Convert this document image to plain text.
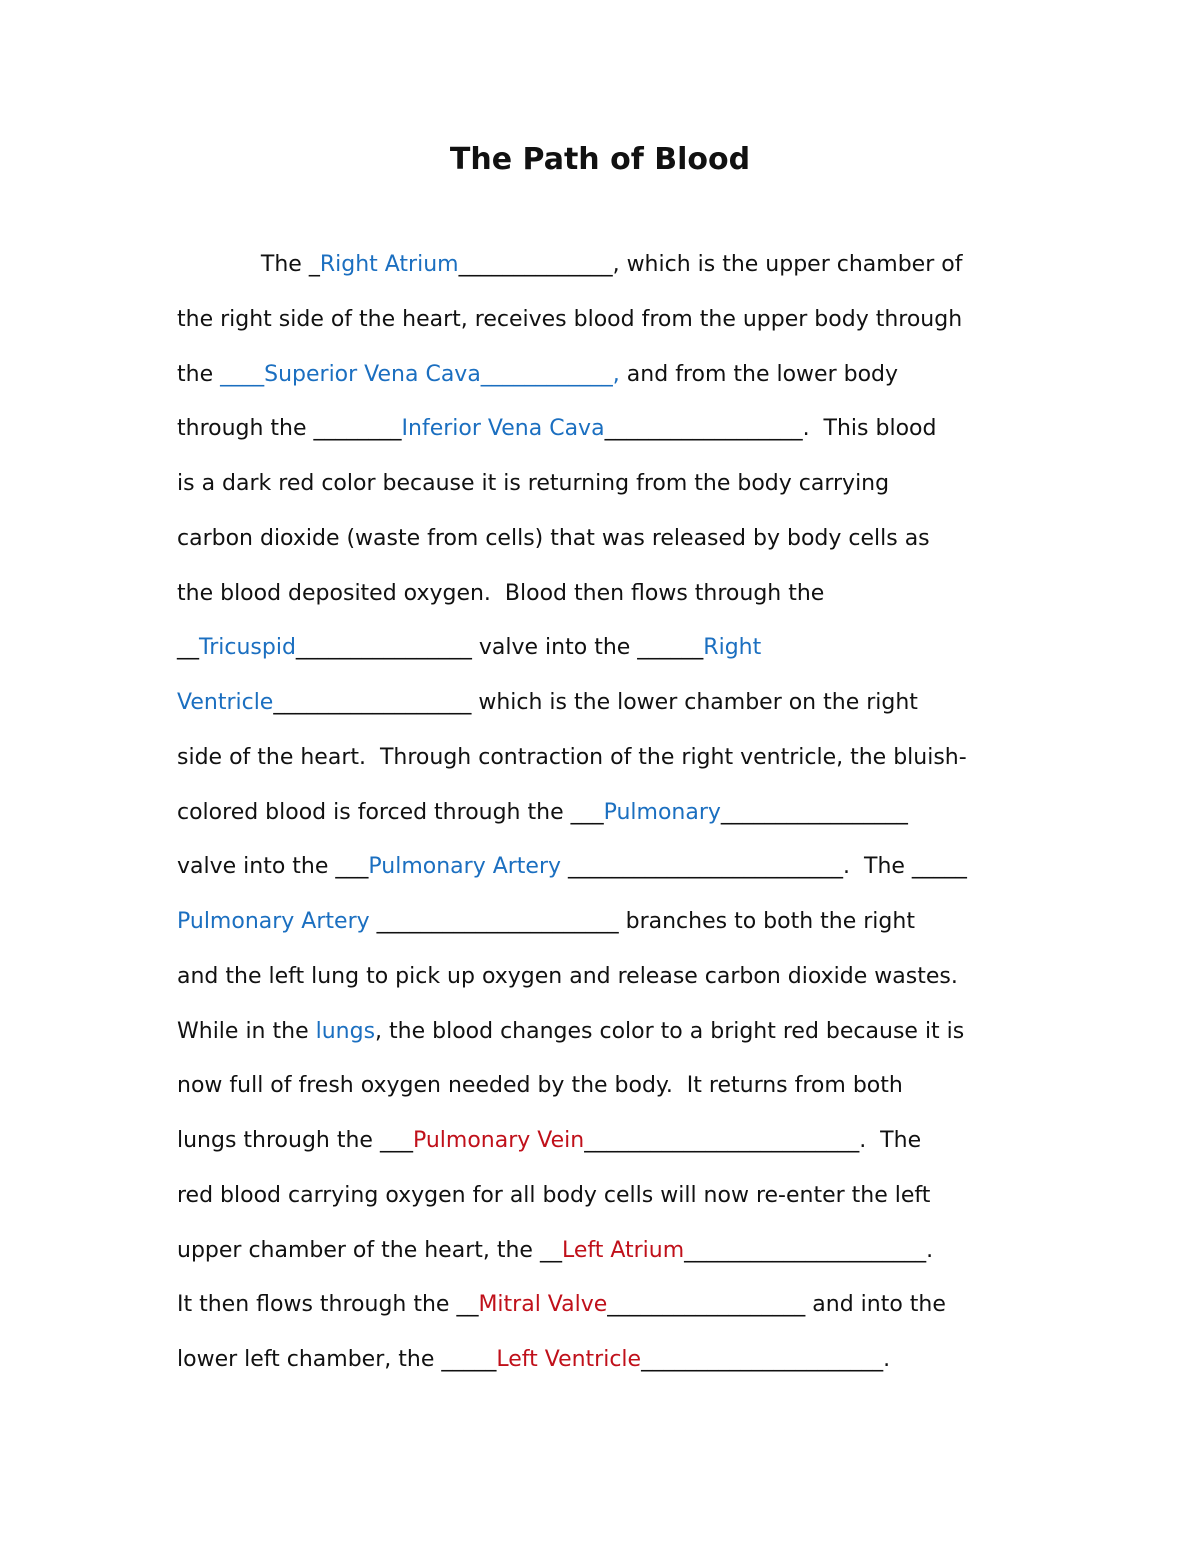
The Path of Blood
The _Right Atrium______________, which is the upper chamber of
the right side of the heart, receives blood from the upper body through
the ____Superior Vena Cava____________, and from the lower body
through the ________Inferior Vena Cava__________________.  This blood
is a dark red color because it is returning from the body carrying
carbon dioxide (waste from cells) that was released by body cells as
the blood deposited oxygen.  Blood then flows through the
__Tricuspid________________ valve into the ______Right
Ventricle__________________ which is the lower chamber on the right
side of the heart.  Through contraction of the right ventricle, the bluish-
colored blood is forced through the ___Pulmonary_________________
valve into the ___Pulmonary Artery _________________________.  The _____
Pulmonary Artery ______________________ branches to both the right
and the left lung to pick up oxygen and release carbon dioxide wastes.
While in the lungs, the blood changes color to a bright red because it is
now full of fresh oxygen needed by the body.  It returns from both
lungs through the ___Pulmonary Vein_________________________.  The
red blood carrying oxygen for all body cells will now re-enter the left
upper chamber of the heart, the __Left Atrium______________________.
It then flows through the __Mitral Valve__________________ and into the
lower left chamber, the _____Left Ventricle______________________.
